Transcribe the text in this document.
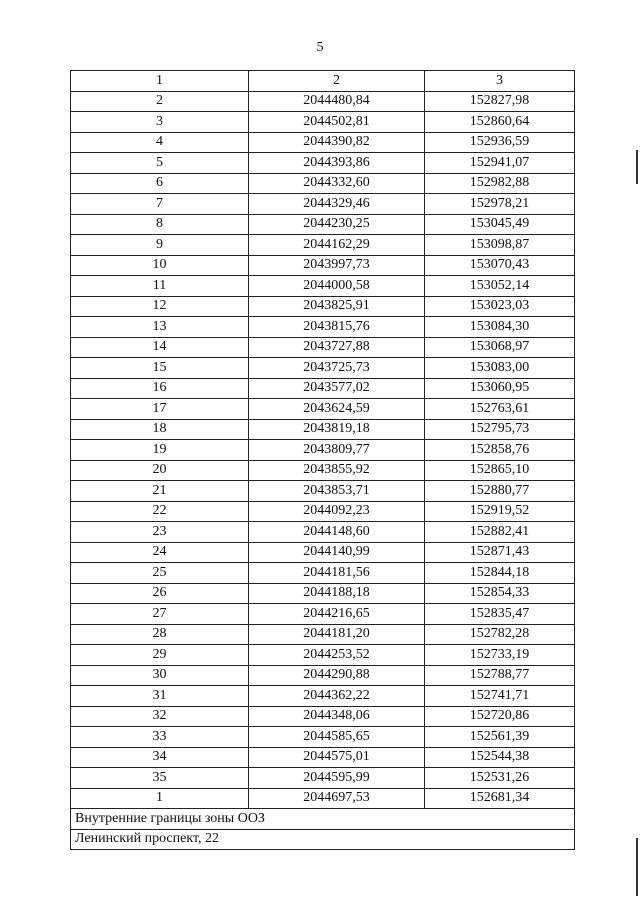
5
1	2	3
2	2044480,84	152827,98
3	2044502,81	152860,64
4	2044390,82	152936,59
5	2044393,86	152941,07
6	2044332,60	152982,88
7	2044329,46	152978,21
8	2044230,25	153045,49
9	2044162,29	153098,87
10	2043997,73	153070,43
11	2044000,58	153052,14
12	2043825,91	153023,03
13	2043815,76	153084,30
14	2043727,88	153068,97
15	2043725,73	153083,00
16	2043577,02	153060,95
17	2043624,59	152763,61
18	2043819,18	152795,73
19	2043809,77	152858,76
20	2043855,92	152865,10
21	2043853,71	152880,77
22	2044092,23	152919,52
23	2044148,60	152882,41
24	2044140,99	152871,43
25	2044181,56	152844,18
26	2044188,18	152854,33
27	2044216,65	152835,47
28	2044181,20	152782,28
29	2044253,52	152733,19
30	2044290,88	152788,77
31	2044362,22	152741,71
32	2044348,06	152720,86
33	2044585,65	152561,39
34	2044575,01	152544,38
35	2044595,99	152531,26
1	2044697,53	152681,34
Внутренние границы зоны ООЗ		
Ленинский проспект, 22		
